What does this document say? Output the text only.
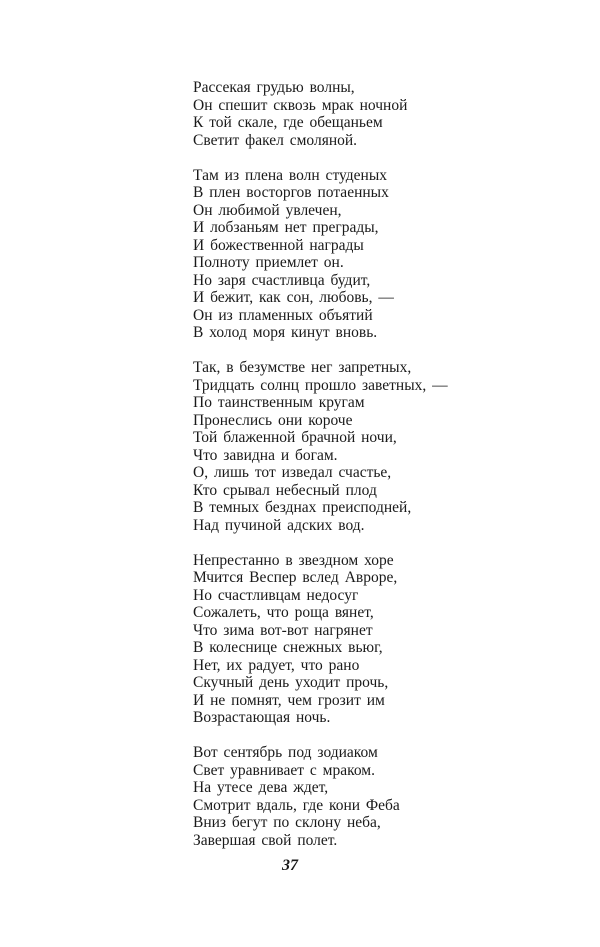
Рассекая грудью волны,
Он спешит сквозь мрак ночной
К той скале, где обещаньем
Светит факел смоляной.
Там из плена волн студеных
В плен восторгов потаенных
Он любимой увлечен,
И лобзаньям нет преграды,
И божественной награды
Полноту приемлет он.
Но заря счастливца будит,
И бежит, как сон, любовь, —
Он из пламенных объятий
В холод моря кинут вновь.
Так, в безумстве нег запретных,
Тридцать солнц прошло заветных, —
По таинственным кругам
Пронеслись они короче
Той блаженной брачной ночи,
Что завидна и богам.
О, лишь тот изведал счастье,
Кто срывал небесный плод
В темных безднах преисподней,
Над пучиной адских вод.
Непрестанно в звездном хоре
Мчится Веспер вслед Авроре,
Но счастливцам недосуг
Сожалеть, что роща вянет,
Что зима вот-вот нагрянет
В колеснице снежных вьюг,
Нет, их радует, что рано
Скучный день уходит прочь,
И не помнят, чем грозит им
Возрастающая ночь.
Вот сентябрь под зодиаком
Свет уравнивает с мраком.
На утесе дева ждет,
Смотрит вдаль, где кони Феба
Вниз бегут по склону неба,
Завершая свой полет.
37
